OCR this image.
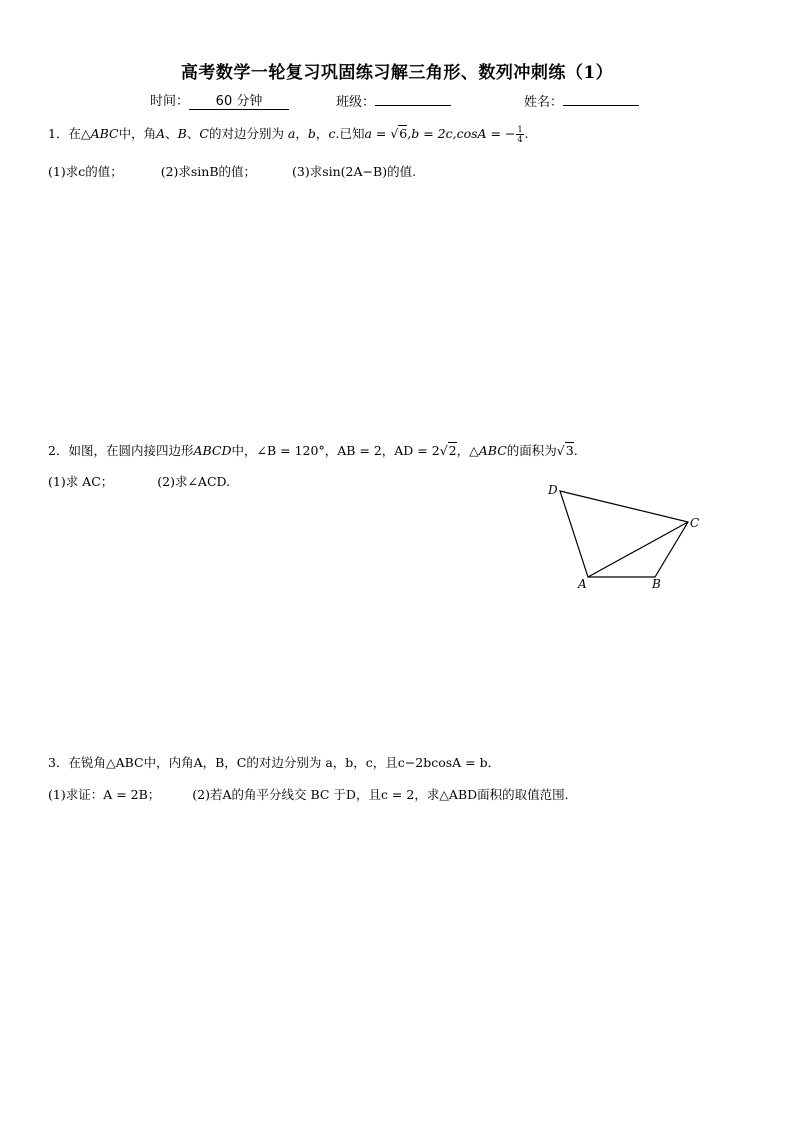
高考数学一轮复习巩固练习解三角形、数列冲刺练（1）
时间： 60 分钟	班级：	姓名：
1．在△ABC中，角A、B、C的对边分别为 a，b，c.已知a = √6,b = 2c,cosA = − $\frac{1}{4}$ .
(1)求c的值；	(2)求sinB的值；	(3)求sin(2A−B)的值.
2．如图，在圆内接四边形ABCD中，∠B = 120°，AB = 2，AD = 2√2，△ABC的面积为√3.
(1)求 AC；	(2)求∠ACD.
D
C
A	B
3．在锐角△ABC中，内角A，B，C的对边分别为 a，b，c，且c−2bcosA = b．
(1)求证：A = 2B；	(2)若A的角平分线交 BC 于D，且c = 2，求△ABD面积的取值范围．
